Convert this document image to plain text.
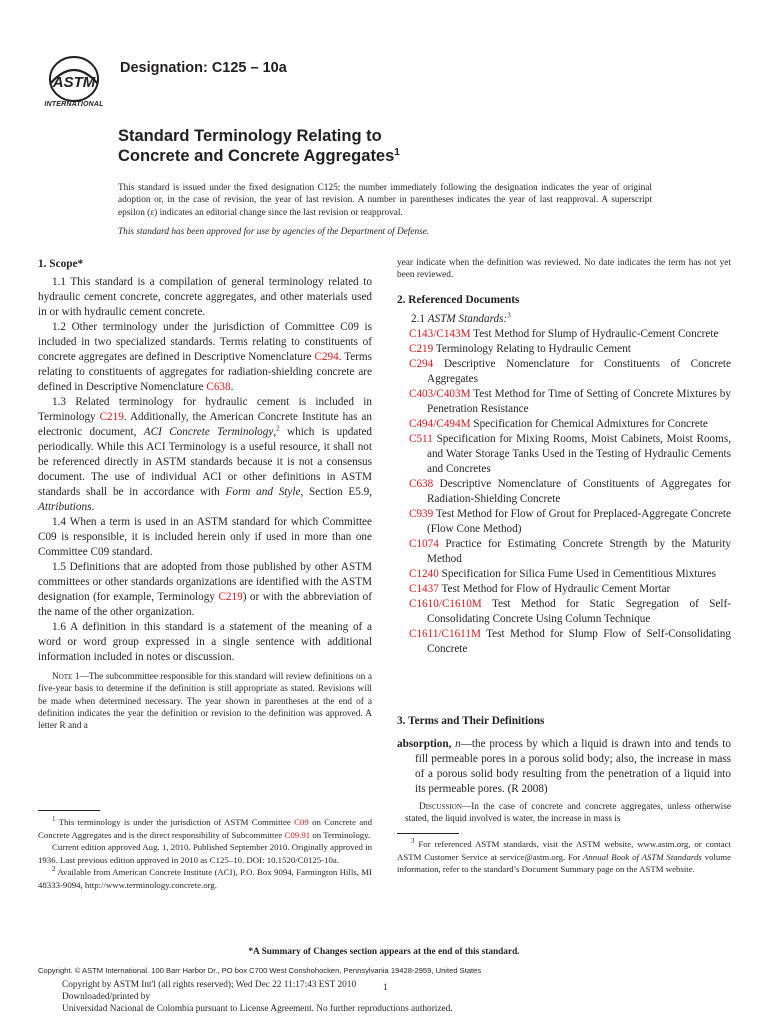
ASTM
INTERNATIONAL
Designation: C125 – 10a
Standard Terminology Relating to
Concrete and Concrete Aggregates$^1$
This standard is issued under the fixed designation C125; the number immediately following the designation indicates the year of original adoption or, in the case of revision, the year of last revision. A number in parentheses indicates the year of last reapproval. A superscript epsilon (ε) indicates an editorial change since the last revision or reapproval.
This standard has been approved for use by agencies of the Department of Defense.

1. Scope*

1.1 This standard is a compilation of general terminology related to hydraulic cement concrete, concrete aggregates, and other materials used in or with hydraulic cement concrete.

1.2 Other terminology under the jurisdiction of Committee C09 is included in two specialized standards. Terms relating to constituents of concrete aggregates are defined in Descriptive Nomenclature C294. Terms relating to constituents of aggregates for radiation-shielding concrete are defined in Descriptive Nomenclature C638.

1.3 Related terminology for hydraulic cement is included in Terminology C219. Additionally, the American Concrete Institute has an electronic document, ACI Concrete Terminology,$^2$ which is updated periodically. While this ACI Terminology is a useful resource, it shall not be referenced directly in ASTM standards because it is not a consensus document. The use of individual ACI or other definitions in ASTM standards shall be in accordance with Form and Style, Section E5.9, Attributions.

1.4 When a term is used in an ASTM standard for which Committee C09 is responsible, it is included herein only if used in more than one Committee C09 standard.

1.5 Definitions that are adopted from those published by other ASTM committees or other standards organizations are identified with the ASTM designation (for example, Terminology C219) or with the abbreviation of the name of the other organization.

1.6 A definition in this standard is a statement of the meaning of a word or word group expressed in a single sentence with additional information included in notes or discussion.

Note 1—The subcommittee responsible for this standard will review definitions on a five-year basis to determine if the definition is still appropriate as stated. Revisions will be made when determined necessary. The year shown in parentheses at the end of a definition indicates the year the definition or revision to the definition was approved. A letter R and a

$^1$ This terminology is under the jurisdiction of ASTM Committee C09 on Concrete and Concrete Aggregates and is the direct responsibility of Subcommittee C09.91 on Terminology.
Current edition approved Aug. 1, 2010. Published September 2010. Originally approved in 1936. Last previous edition approved in 2010 as C125–10. DOI: 10.1520/C0125-10a.
$^2$ Available from American Concrete Institute (ACI), P.O. Box 9094, Farmington Hills, MI 48333-9094, http://www.terminology.concrete.org.
year indicate when the definition was reviewed. No date indicates the term has not yet been reviewed.
2. Referenced Documents
2.1 ASTM Standards:$^3$
C143/C143M Test Method for Slump of Hydraulic-Cement Concrete
C219 Terminology Relating to Hydraulic Cement
C294 Descriptive Nomenclature for Constituents of Concrete Aggregates
C403/C403M Test Method for Time of Setting of Concrete Mixtures by Penetration Resistance
C494/C494M Specification for Chemical Admixtures for Concrete
C511 Specification for Mixing Rooms, Moist Cabinets, Moist Rooms, and Water Storage Tanks Used in the Testing of Hydraulic Cements and Concretes
C638 Descriptive Nomenclature of Constituents of Aggregates for Radiation-Shielding Concrete
C939 Test Method for Flow of Grout for Preplaced-Aggregate Concrete (Flow Cone Method)
C1074 Practice for Estimating Concrete Strength by the Maturity Method
C1240 Specification for Silica Fume Used in Cementitious Mixtures
C1437 Test Method for Flow of Hydraulic Cement Mortar
C1610/C1610M Test Method for Static Segregation of Self-Consolidating Concrete Using Column Technique
C1611/C1611M Test Method for Slump Flow of Self-Consolidating Concrete
3. Terms and Their Definitions

absorption, n—the process by which a liquid is drawn into and tends to fill permeable pores in a porous solid body; also, the increase in mass of a porous solid body resulting from the penetration of a liquid into its permeable pores. (R 2008)

Discussion—In the case of concrete and concrete aggregates, unless otherwise stated, the liquid involved is water, the increase in mass is

$^3$ For referenced ASTM standards, visit the ASTM website, www.astm.org, or contact ASTM Customer Service at service@astm.org. For Annual Book of ASTM Standards volume information, refer to the standard’s Document Summary page on the ASTM website.
*A Summary of Changes section appears at the end of this standard.
Copyright. © ASTM International. 100 Barr Harbor Dr., PO box C700 West Conshohocken, Pennsylvania 19428-2959, United States
Copyright by ASTM Int'l (all rights reserved); Wed Dec 22 11:17:43 EST 2010
Downloaded/printed by
Universidad Nacional de Colombia pursuant to License Agreement. No further reproductions authorized.
1
